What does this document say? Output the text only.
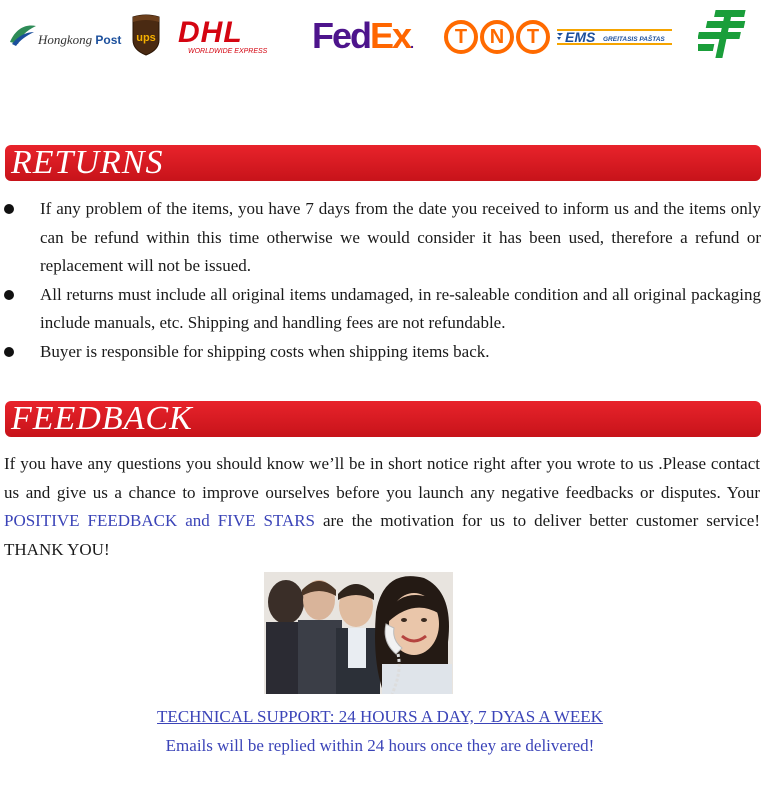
Hongkong Post ups DHL
WORLDWIDE EXPRESS	FedEx.	T	N	T	EMS GREITASIS PAŠTAS
RETURNS
If any problem of the items, you have 7 days from the date you received to inform us and the items only can be refund within this time otherwise we would consider it has been used, therefore a refund or replacement will not be issued.
All returns must include all original items undamaged, in re-saleable condition and all original packaging include manuals, etc. Shipping and handling fees are not refundable.
Buyer is responsible for shipping costs when shipping items back.
FEEDBACK

If you have any questions you should know we’ll be in short notice right after you wrote to us .Please contact us and give us a chance to improve ourselves before you launch any negative feedbacks or disputes. Your POSITIVE FEEDBACK and FIVE STARS are the motivation for us to deliver better customer service! THANK YOU!

TECHNICAL SUPPORT: 24 HOURS A DAY, 7 DYAS A WEEK
Emails will be replied within 24 hours once they are delivered!
